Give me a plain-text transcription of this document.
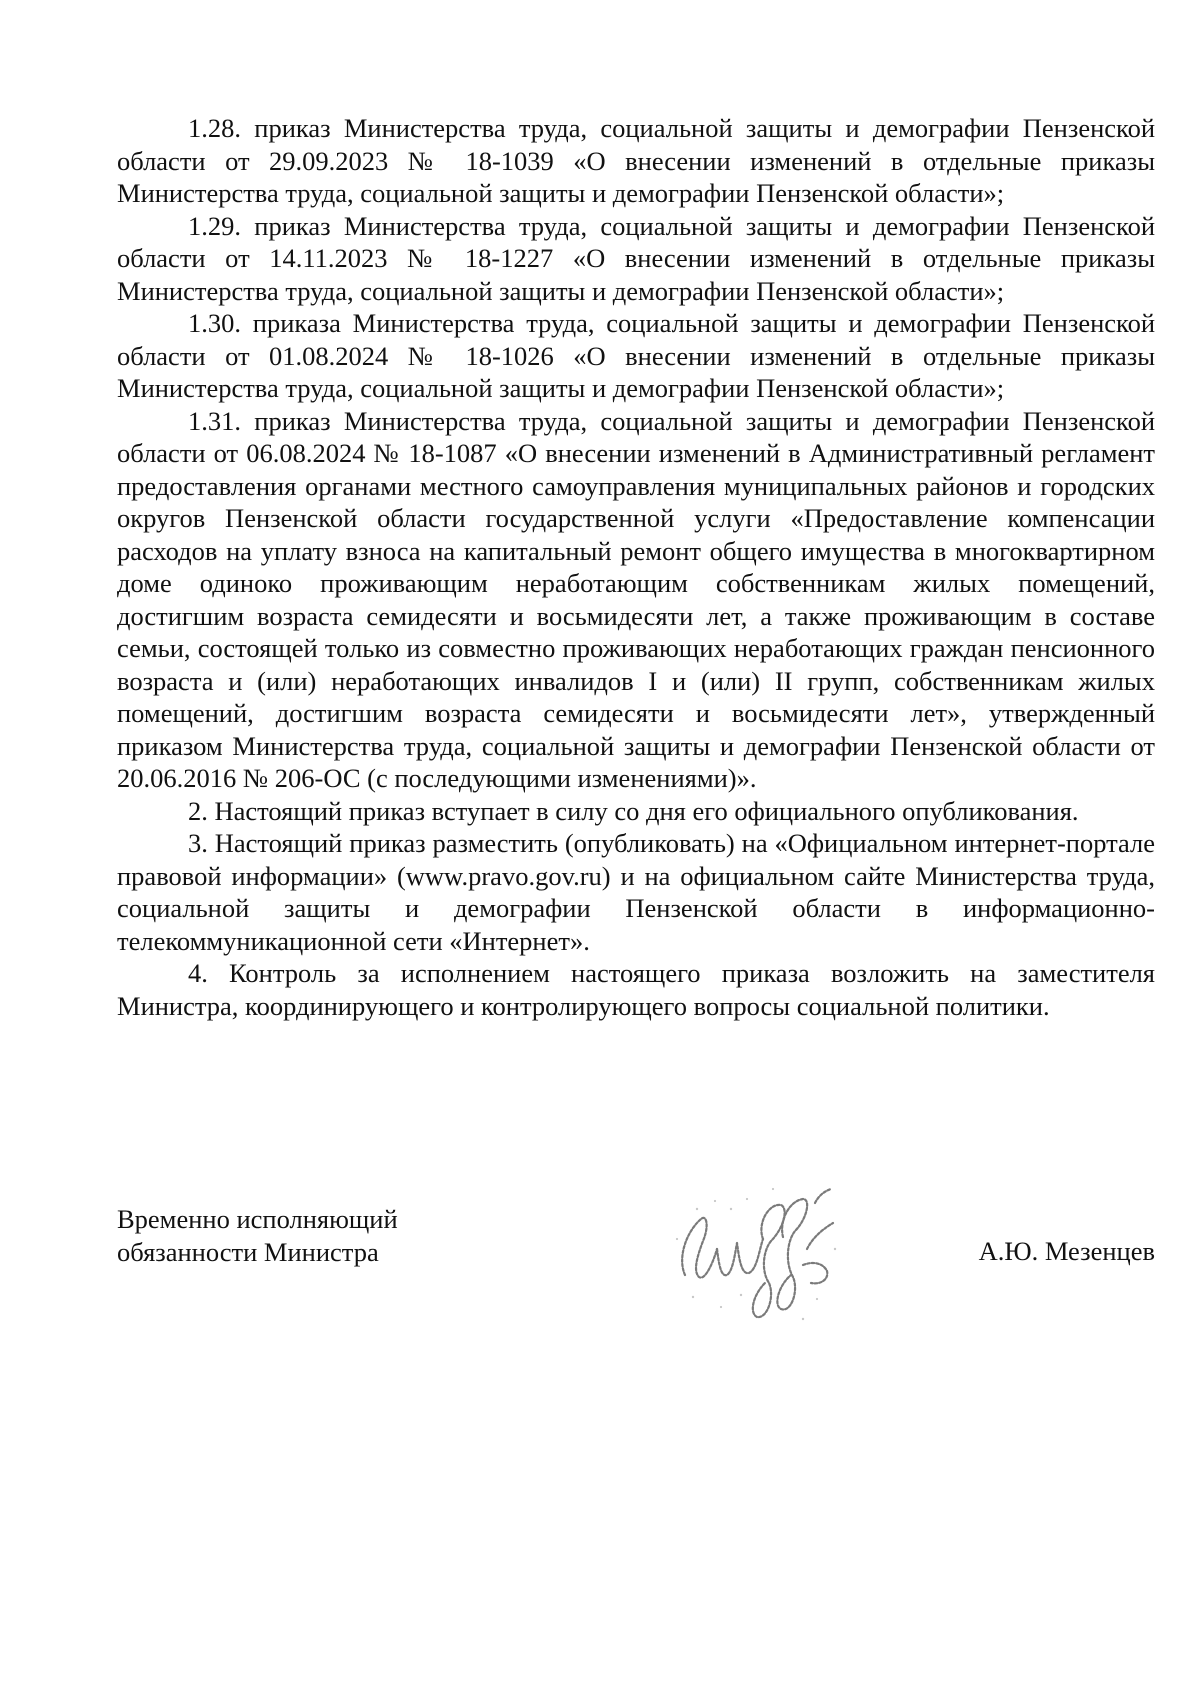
1.28. приказ Министерства труда, социальной защиты и демографии Пензенской области от 29.09.2023 № 18-1039 «О внесении изменений в отдельные приказы Министерства труда, социальной защиты и демографии Пензенской области»;

1.29. приказ Министерства труда, социальной защиты и демографии Пензенской области от 14.11.2023 № 18-1227 «О внесении изменений в отдельные приказы Министерства труда, социальной защиты и демографии Пензенской области»;

1.30. приказа Министерства труда, социальной защиты и демографии Пензенской области от 01.08.2024 № 18-1026 «О внесении изменений в отдельные приказы Министерства труда, социальной защиты и демографии Пензенской области»;

1.31. приказ Министерства труда, социальной защиты и демографии Пензенской области от 06.08.2024 № 18-1087 «О внесении изменений в Административный регламент предоставления органами местного самоуправления муниципальных районов и городских округов Пензенской области государственной услуги «Предоставление компенсации расходов на уплату взноса на капитальный ремонт общего имущества в многоквартирном доме одиноко проживающим неработающим собственникам жилых помещений, достигшим возраста семидесяти и восьмидесяти лет, а также проживающим в составе семьи, состоящей только из совместно проживающих неработающих граждан пенсионного возраста и (или) неработающих инвалидов I и (или) II групп, собственникам жилых помещений, достигшим возраста семидесяти и восьмидесяти лет», утвержденный приказом Министерства труда, социальной защиты и демографии Пензенской области от 20.06.2016 № 206-ОС (с последующими изменениями)».

2. Настоящий приказ вступает в силу со дня его официального опубликования.

3. Настоящий приказ разместить (опубликовать) на «Официальном интернет-портале правовой информации» (www.pravo.gov.ru) и на официальном сайте Министерства труда, социальной защиты и демографии Пензенской области в информационно-телекоммуникационной сети «Интернет».

4. Контроль за исполнением настоящего приказа возложить на заместителя Министра, координирующего и контролирующего вопросы социальной политики.

Временно исполняющий
обязанности Министра	А.Ю. Мезенцев
